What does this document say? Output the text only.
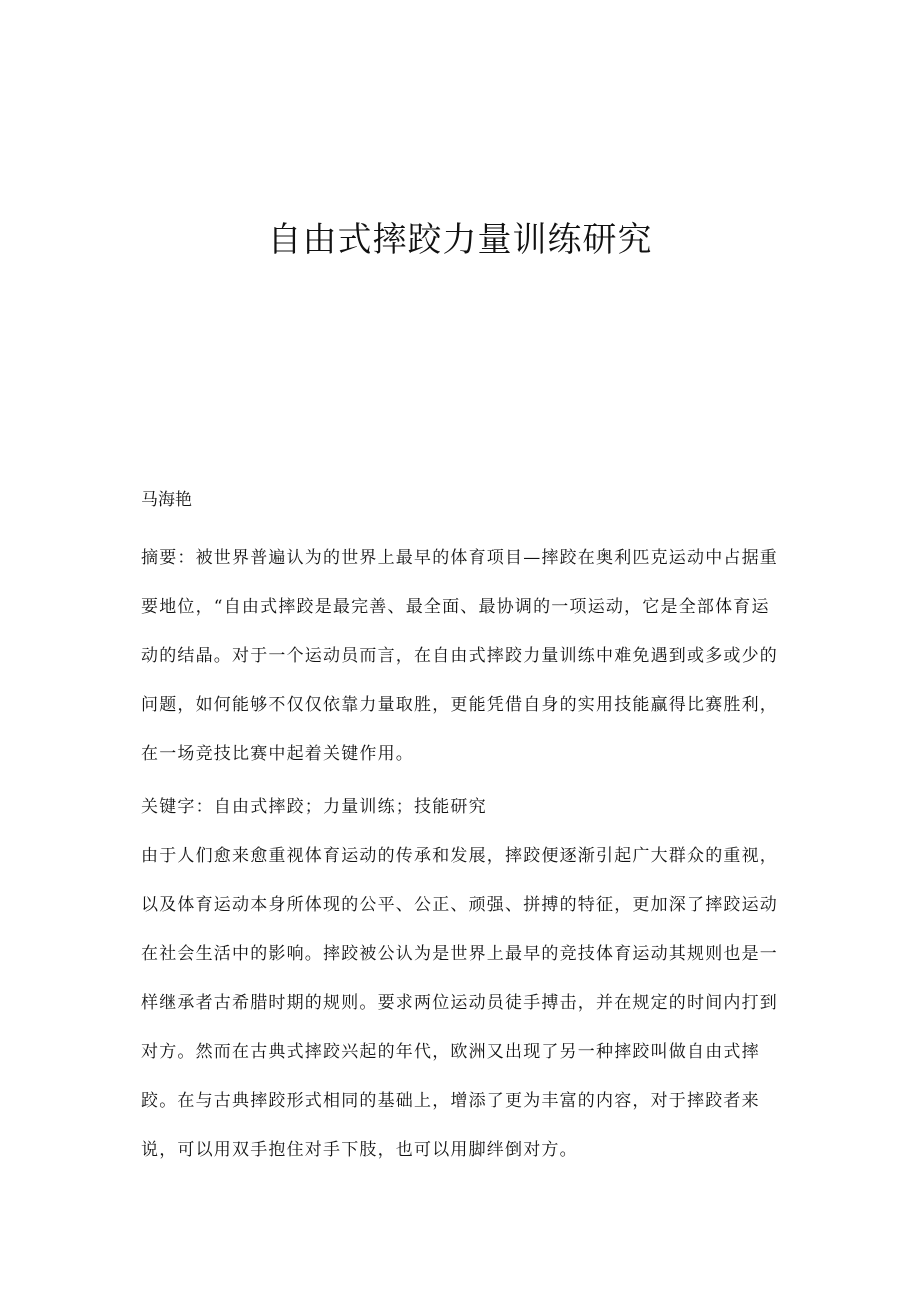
自由式摔跤力量训练研究

马海艳

摘要：被世界普遍认为的世界上最早的体育项目—摔跤在奥利匹克运动中占据重要地位，“自由式摔跤是最完善、最全面、最协调的一项运动，它是全部体育运动的结晶。对于一个运动员而言，在自由式摔跤力量训练中难免遇到或多或少的问题，如何能够不仅仅依靠力量取胜，更能凭借自身的实用技能赢得比赛胜利，在一场竞技比赛中起着关键作用。

关键字：自由式摔跤；力量训练；技能研究

由于人们愈来愈重视体育运动的传承和发展，摔跤便逐渐引起广大群众的重视，以及体育运动本身所体现的公平、公正、顽强、拼搏的特征，更加深了摔跤运动在社会生活中的影响。摔跤被公认为是世界上最早的竞技体育运动其规则也是一样继承者古希腊时期的规则。要求两位运动员徒手搏击，并在规定的时间内打到对方。然而在古典式摔跤兴起的年代，欧洲又出现了另一种摔跤叫做自由式摔跤。在与古典摔跤形式相同的基础上，增添了更为丰富的内容，对于摔跤者来说，可以用双手抱住对手下肢，也可以用脚绊倒对方。
